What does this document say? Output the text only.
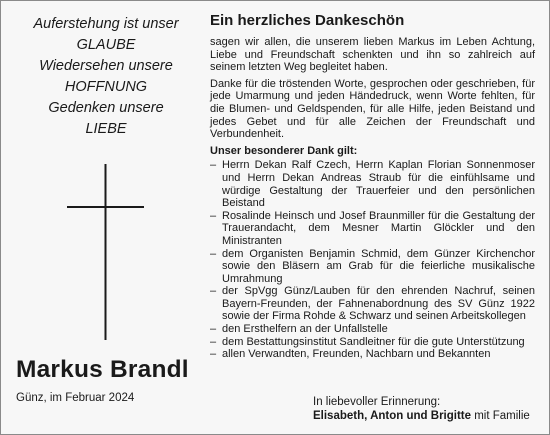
Auferstehung ist unser
GLAUBE
Wiedersehen unsere
HOFFNUNG
Gedenken unsere
LIEBE
Markus Brandl
Günz, im Februar 2024
Ein herzliches Dankeschön

sagen wir allen, die unserem lieben Markus im Leben Achtung, Liebe und Freundschaft schenkten und ihn so zahlreich auf seinem letzten Weg begleitet haben.

Danke für die tröstenden Worte, gesprochen oder geschrieben, für jede Umarmung und jeden Händedruck, wenn Worte fehlten, für die Blumen- und Geldspenden, für alle Hilfe, jeden Beistand und jedes Gebet und für alle Zeichen der Freundschaft und Verbundenheit.

Unser besonderer Dank gilt:
– Herrn Dekan Ralf Czech, Herrn Kaplan Florian Sonnenmoser und Herrn Dekan Andreas Straub für die einfühlsame und würdige Gestaltung der Trauerfeier und den persönlichen Beistand
– Rosalinde Heinsch und Josef Braunmiller für die Gestaltung der Trauerandacht, dem Mesner Martin Glöckler und den Ministranten
– dem Organisten Benjamin Schmid, dem Günzer Kirchenchor sowie den Bläsern am Grab für die feierliche musikalische Umrahmung
– der SpVgg Günz/Lauben für den ehrenden Nachruf, seinen Bayern-Freunden, der Fahnenabordnung des SV Günz 1922 sowie der Firma Rohde & Schwarz und seinen Arbeitskollegen
– den Ersthelfern an der Unfallstelle
– dem Bestattungsinstitut Sandleitner für die gute Unterstützung
– allen Verwandten, Freunden, Nachbarn und Bekannten
In liebevoller Erinnerung:
Elisabeth, Anton und Brigitte mit Familie
